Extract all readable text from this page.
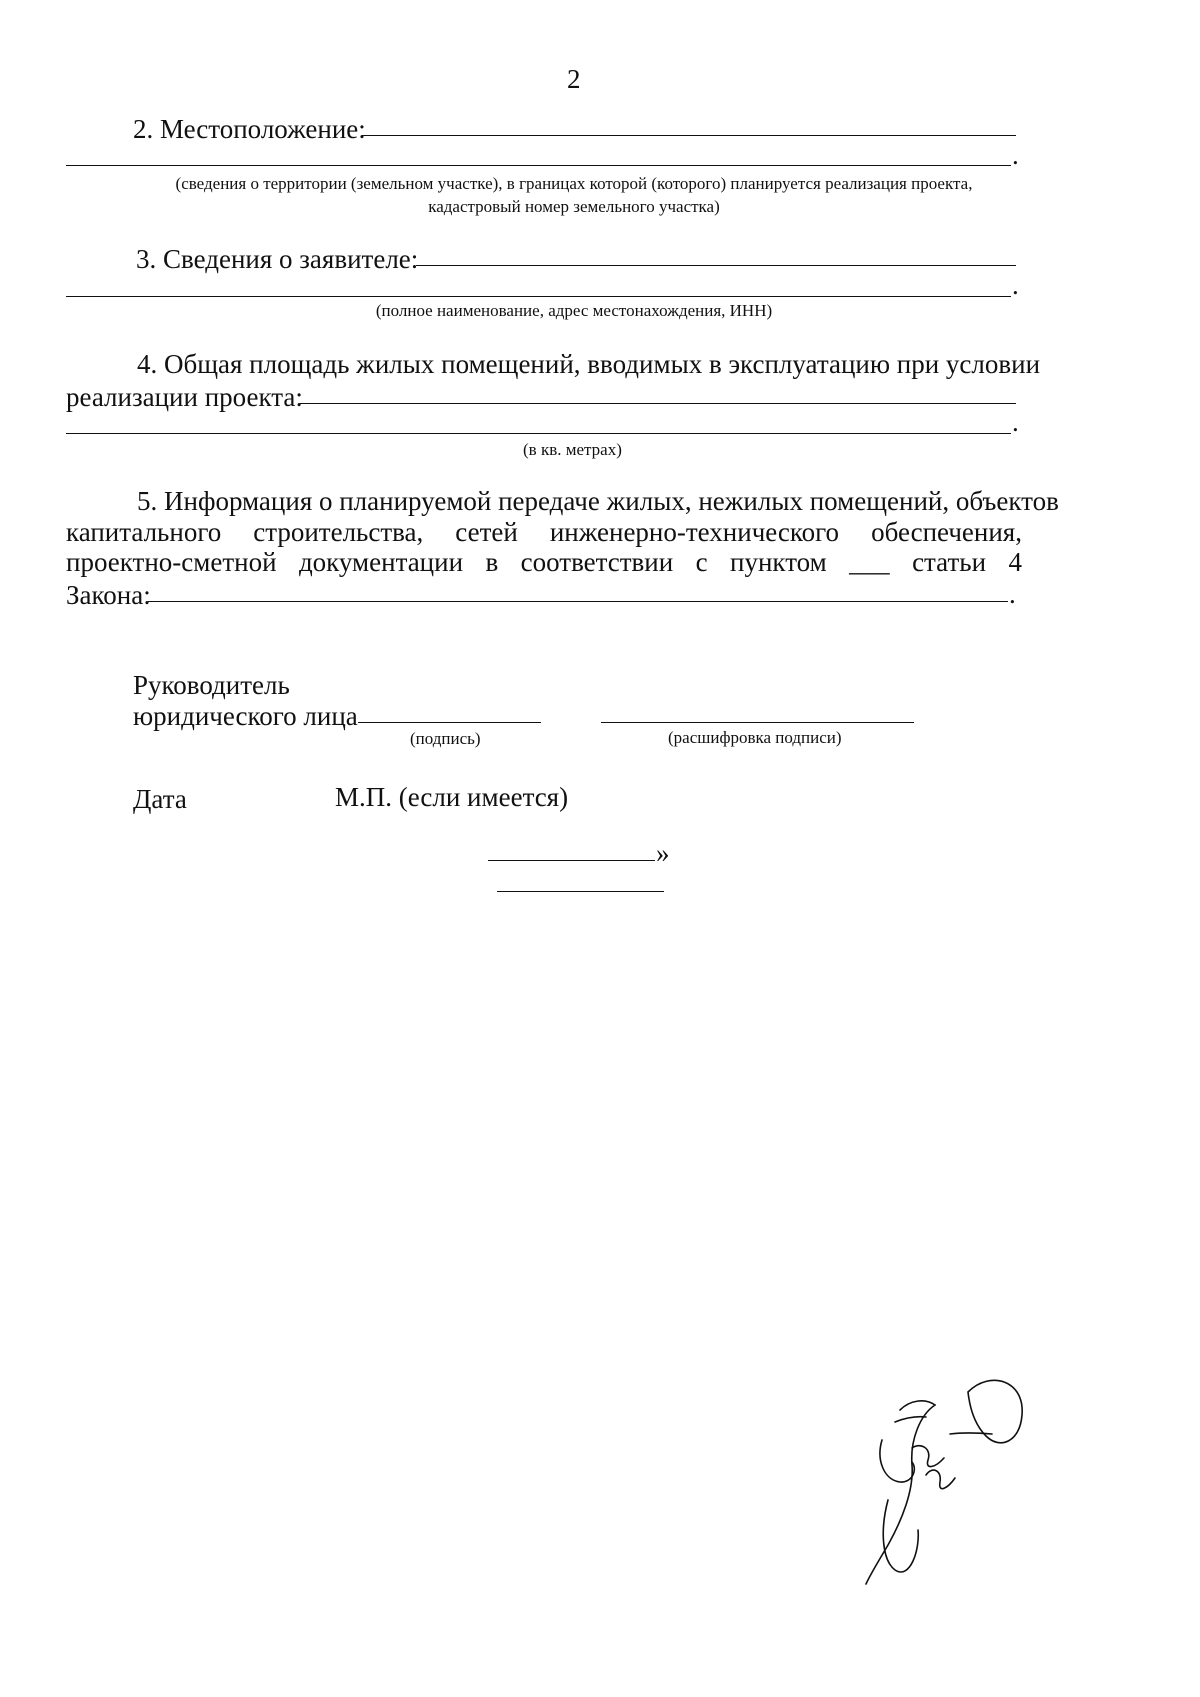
2
2. Местоположение:
.
(сведения о территории (земельном участке), в границах которой (которого) планируется реализация проекта,
кадастровый номер земельного участка)
3. Сведения о заявителе:
.
(полное наименование, адрес местонахождения, ИНН)
4. Общая площадь жилых помещений, вводимых в эксплуатацию при условии
реализации проекта:
.
(в кв. метрах)
5. Информация о планируемой передаче жилых, нежилых помещений, объектов
капитального строительства, сетей инженерно-технического обеспечения,
проектно-сметной документации в соответствии с пунктом ___ статьи 4
Закона:	.
Руководитель
юридического лица
(подпись)	(расшифровка подписи)
Дата	М.П. (если имеется)
»
